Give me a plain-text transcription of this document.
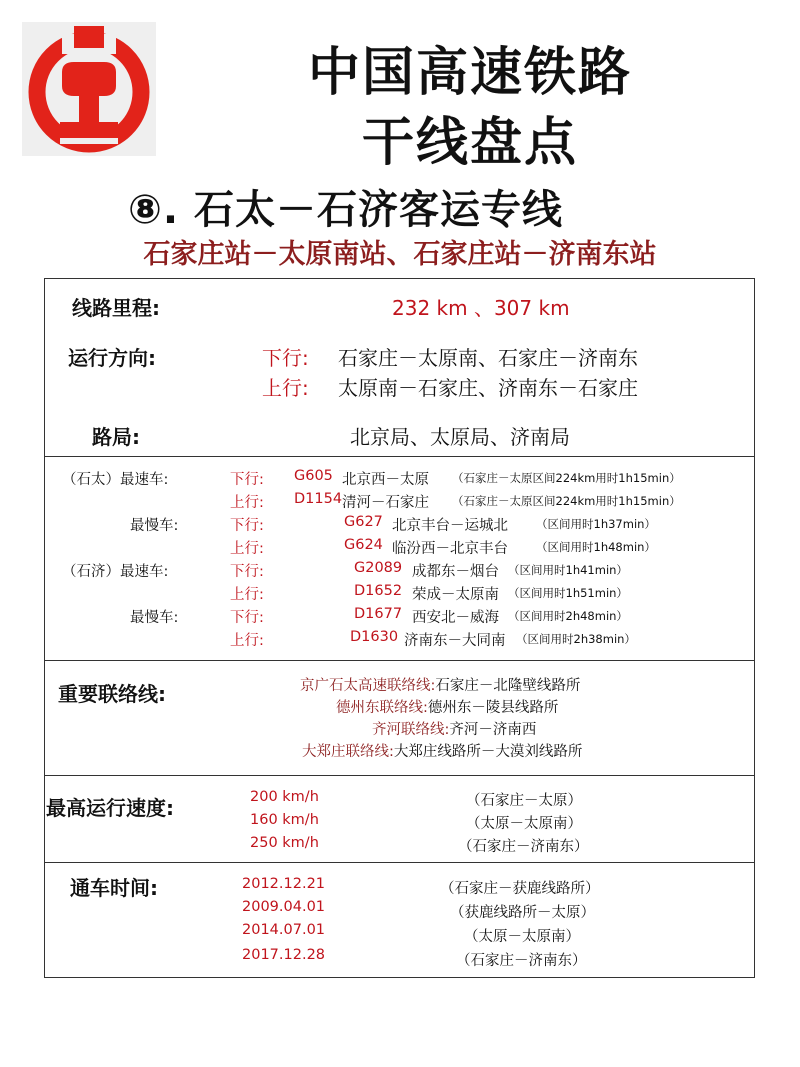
中国高速铁路
干线盘点
⑧. 石太－石济客运专线
石家庄站－太原南站、石家庄站－济南东站
线路里程:	232 km 、307 km
运行方向:	下行: 石家庄－太原南、石家庄－济南东
上行: 太原南－石家庄、济南东－石家庄
路局:	北京局、太原局、济南局
（石太）最速车:	下行: G605 北京西－太原 （石家庄－太原区间224km用时1h15min）
上行: D1154 清河－石家庄 （石家庄－太原区间224km用时1h15min）
最慢车:	下行:	G627 北京丰台－运城北 （区间用时1h37min）
上行:	G624 临汾西－北京丰台 （区间用时1h48min）
（石济）最速车:	下行:	G2089 成都东－烟台 （区间用时1h41min）
上行:	D1652 荣成－太原南 （区间用时1h51min）
最慢车:	下行:	D1677 西安北－威海 （区间用时2h48min）
上行:	D1630 济南东－大同南 （区间用时2h38min）
重要联络线:	京广石太高速联络线:石家庄－北隆壁线路所
德州东联络线:德州东－陵县线路所
齐河联络线:齐河－济南西
大郑庄联络线:大郑庄线路所－大漠刘线路所
最高运行速度:	200 km/h	（石家庄－太原）
160 km/h	（太原－太原南）
250 km/h	（石家庄－济南东）
通车时间:	2012.12.21	（石家庄－获鹿线路所）
2009.04.01	（获鹿线路所－太原）
2014.07.01	（太原－太原南）
2017.12.28	（石家庄－济南东）
